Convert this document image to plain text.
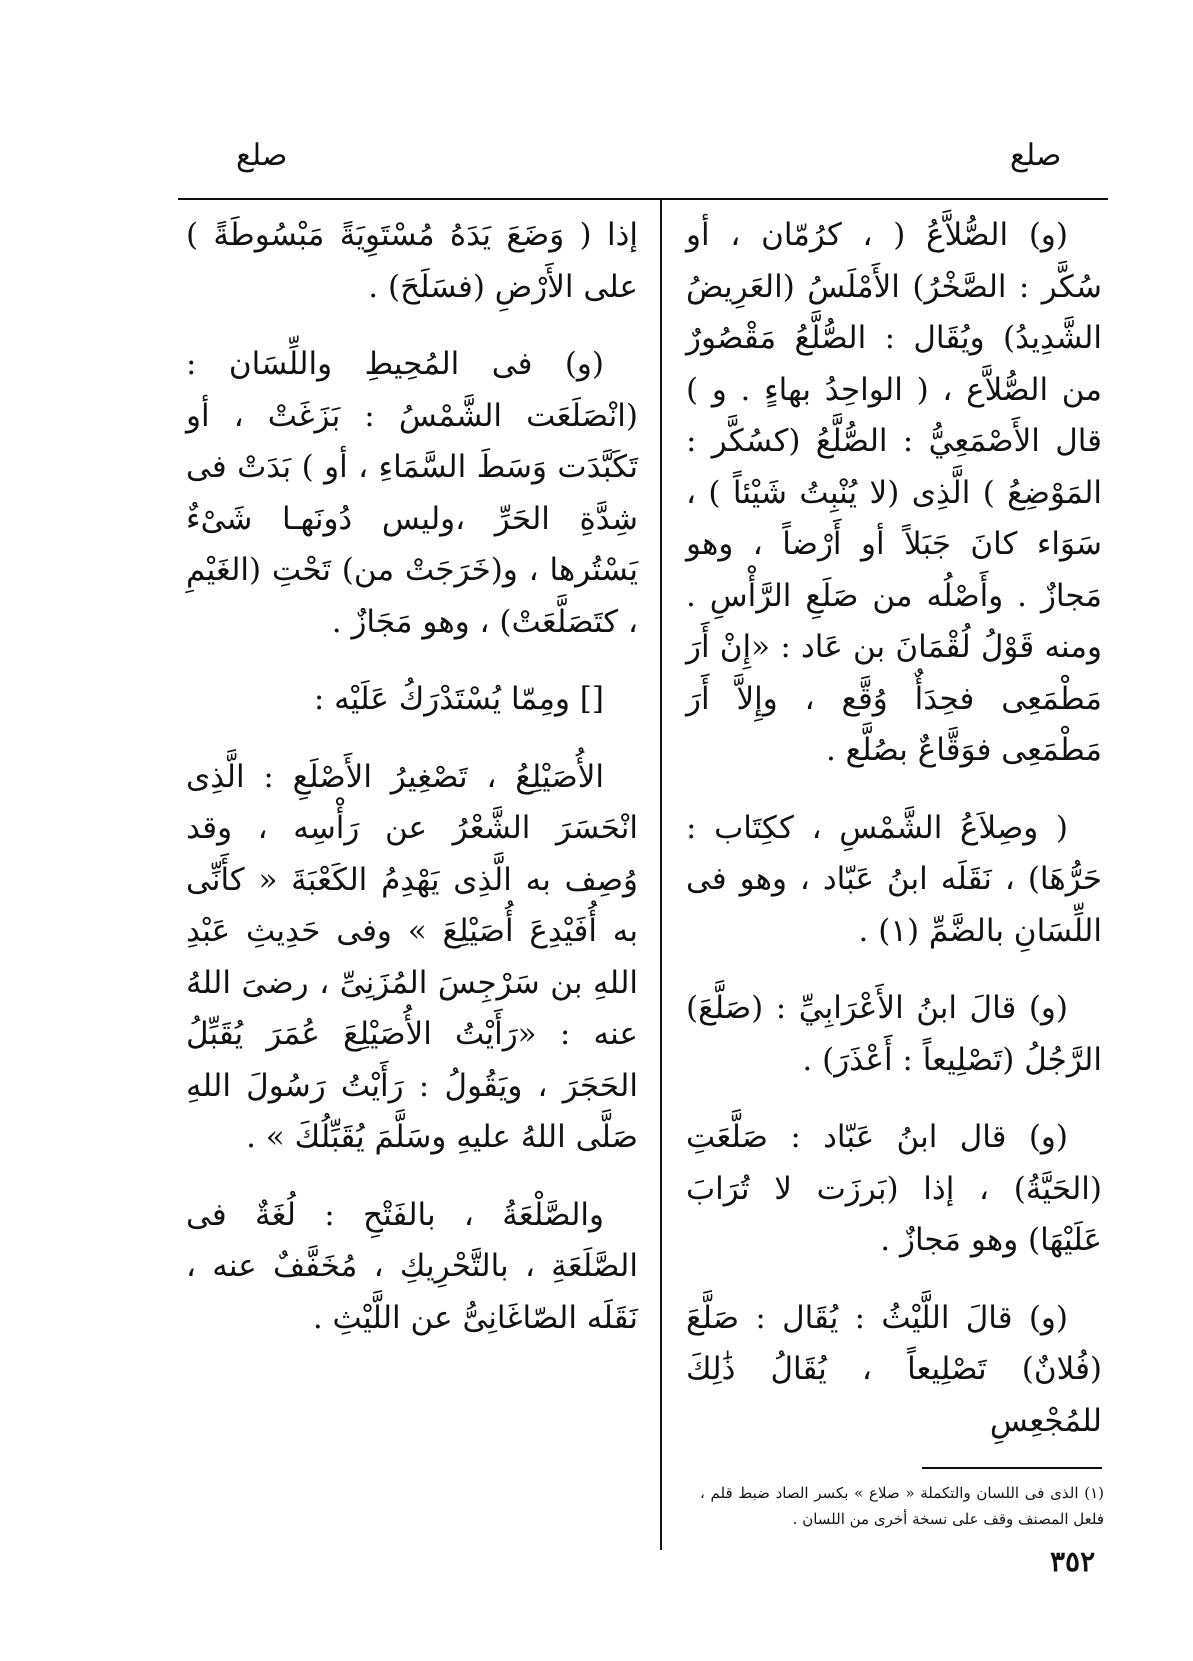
صلع
صلع

(و) الصُّلاَّعُ ( ، كرُمّان ، أو سُكَّر : الصَّخْرُ) الأَمْلَسُ (العَرِيضُ الشَّدِيدُ) ويُقَال : الصُّلَّعُ مَقْصُورٌ من الصُّلاَّع ، ( الواحِدُ بهاءٍ . و ) قال الأَصْمَعِيُّ : الصُّلَّعُ (كسُكَّر : المَوْضِعُ ) الَّذِى (لا يُنْبِتُ شَيْئاً ) ، سَوَاء كانَ جَبَلاً أو أَرْضاً ، وهو مَجازٌ . وأَصْلُه من صَلَعِ الرَّأْسِ . ومنه قَوْلُ لُقْمَانَ بن عَاد : «إِنْ أَرَ مَطْمَعِى فحِدَأٌ وُقَّع ، وإِلاَّ أَرَ مَطْمَعِى فوَقَّاعٌ بصُلَّع .

( وصِلاَعُ الشَّمْسِ ، ككِتَاب : حَرُّهَا) ، نَقَلَه ابنُ عَبّاد ، وهو فى اللِّسَانِ بالضَّمِّ (١) .

(و) قالَ ابنُ الأَعْرَابِيِّ : (صَلَّعَ) الرَّجُلُ (تَصْلِيعاً : أَعْذَرَ) .

(و) قال ابنُ عَبّاد : صَلَّعَتِ (الحَيَّةُ) ، إذا (بَرزَت لا تُرَابَ عَلَيْهَا) وهو مَجازٌ .

(و) قالَ اللَّيْثُ : يُقَال : صَلَّعَ (فُلانٌ) تَصْلِيعاً ، يُقَالُ ذَٰلِكَ للمُجْعِسِ

إذا ( وَضَعَ يَدَهُ مُسْتَوِيَةً مَبْسُوطَةً ) على الأَرْضِ (فسَلَحَ) .

(و) فى المُحِيطِ واللِّسَان : (انْصَلَعَت الشَّمْسُ : بَزَغَتْ ، أو تَكَبَّدَت وَسَطَ السَّمَاءِ ، أو ) بَدَتْ فى شِدَّةِ الحَرِّ ،وليس دُونَهـا شَىْءٌ يَسْتُرها ، و(خَرَجَتْ من) تَحْتِ (الغَيْمِ ، كتَصَلَّعَتْ) ، وهو مَجَازٌ .

[] ومِمّا يُسْتَدْرَكُ عَلَيْه :

الأُصَيْلِعُ ، تَصْغِيرُ الأَصْلَعِ : الَّذِى انْحَسَرَ الشَّعْرُ عن رَأْسِه ، وقد وُصِف به الَّذِى يَهْدِمُ الكَعْبَةَ « كأَنِّى به أُفَيْدِعَ أُصَيْلِعَ » وفى حَدِيثِ عَبْدِ اللهِ بن سَرْجِسَ المُزَنِىِّ ، رضىَ اللهُ عنه : «رَأَيْتُ الأُصَيْلِعَ عُمَرَ يُقَبِّلُ الحَجَرَ ، ويَقُولُ : رَأَيْتُ رَسُولَ اللهِ صَلَّى اللهُ عليهِ وسَلَّمَ يُقَبِّلُكَ » .

والصَّلْعَةُ ، بالفَتْحِ : لُغَةٌ فى الصَّلَعَةِ ، بالتَّحْرِيكِ ، مُخَفَّفٌ عنه ، نَقَلَه الصّاغَانِىُّ عن اللَّيْثِ .

(١) الذى فى اللسان والتكملة « صلاع » بكسر الصاد ضبط قلم ، فلعل المصنف وقف على نسخة أخرى من اللسان .
٣٥٢
